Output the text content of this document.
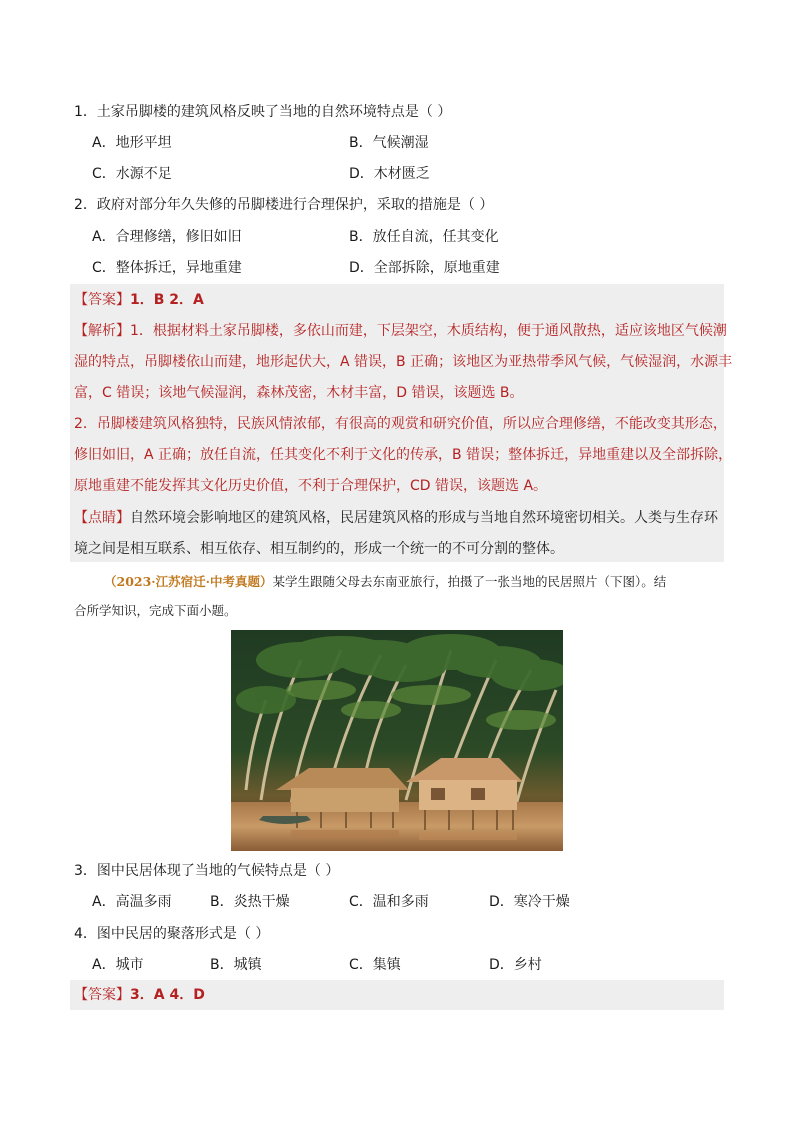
1．土家吊脚楼的建筑风格反映了当地的自然环境特点是（ ）
A．地形平坦	B．气候潮湿
C．水源不足	D．木材匮乏
2．政府对部分年久失修的吊脚楼进行合理保护，采取的措施是（ ）
A．合理修缮，修旧如旧	B．放任自流，任其变化
C．整体拆迁，异地重建	D．全部拆除，原地重建
【答案】1．B 2．A
【解析】1．根据材料土家吊脚楼，多依山而建，下层架空，木质结构，便于通风散热，适应该地区气候潮
湿的特点，吊脚楼依山而建，地形起伏大，A 错误，B 正确；该地区为亚热带季风气候，气候湿润，水源丰
富，C 错误；该地气候湿润，森林茂密，木材丰富，D 错误，该题选 B。
2．吊脚楼建筑风格独特，民族风情浓郁，有很高的观赏和研究价值，所以应合理修缮，不能改变其形态，
修旧如旧，A 正确；放任自流，任其变化不利于文化的传承，B 错误；整体拆迁，异地重建以及全部拆除，
原地重建不能发挥其文化历史价值，不利于合理保护，CD 错误，该题选 A。
【点睛】自然环境会影响地区的建筑风格，民居建筑风格的形成与当地自然环境密切相关。人类与生存环
境之间是相互联系、相互依存、相互制约的，形成一个统一的不可分割的整体。
（2023·江苏宿迁·中考真题）某学生跟随父母去东南亚旅行，拍摄了一张当地的民居照片（下图）。结
合所学知识，完成下面小题。
3．图中民居体现了当地的气候特点是（ ）
A．高温多雨	B．炎热干燥	C．温和多雨	D．寒冷干燥
4．图中民居的聚落形式是（ ）
A．城市	B．城镇	C．集镇	D．乡村
【答案】3．A 4．D
